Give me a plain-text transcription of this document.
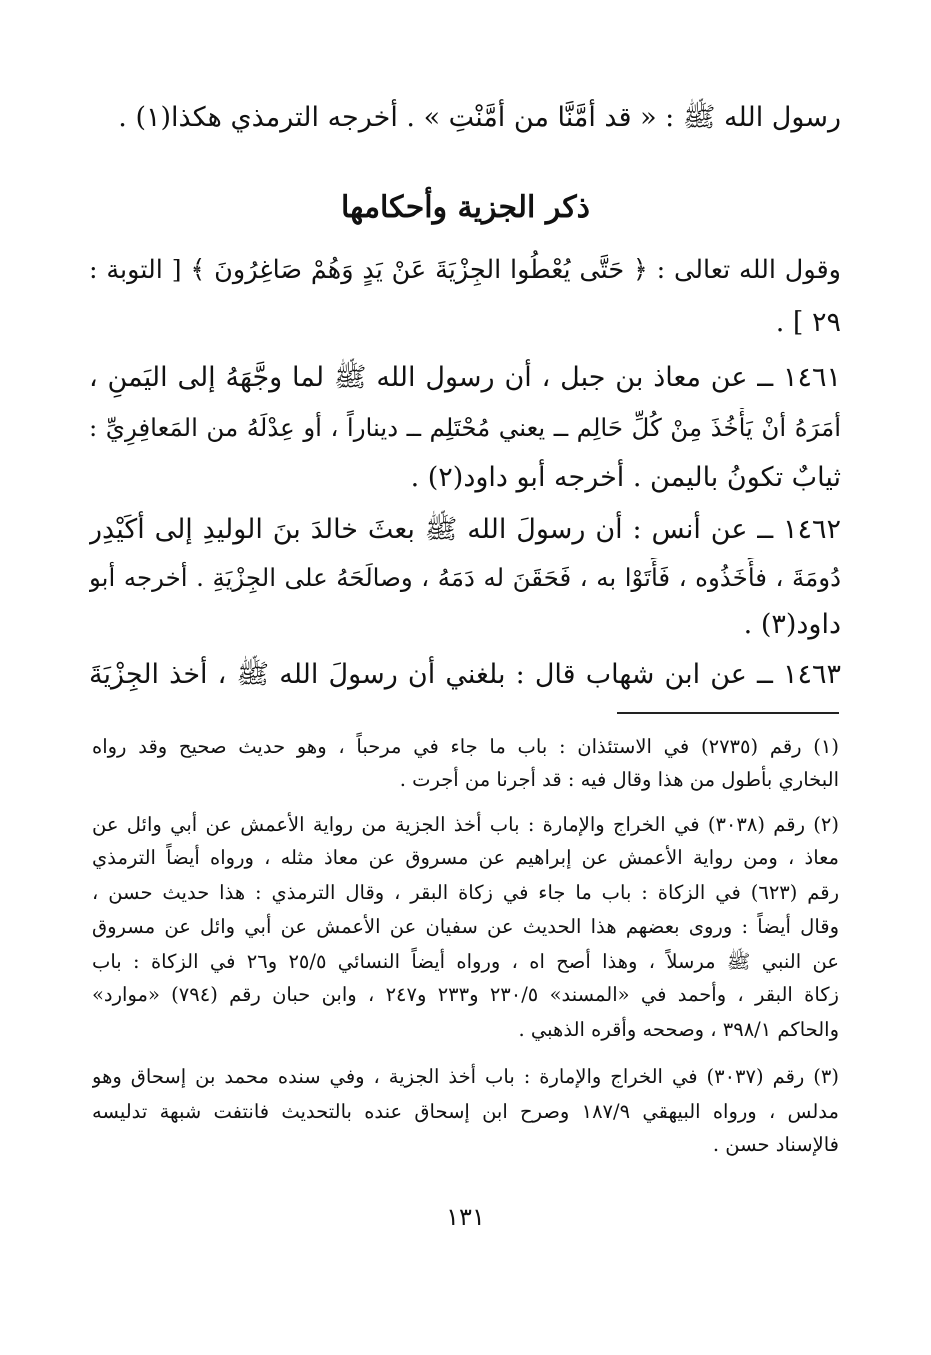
رسول الله ﷺ : « قد أَمَّنَّا من أَمَّنْتِ » . أخرجه الترمذي هكذا(١) .
ذكر الجزية وأحكامها
وقول الله تعالى : ﴿ حَتَّى يُعْطُوا الجِزْيَةَ عَنْ يَدٍ وَهُمْ صَاغِرُونَ ﴾ [ التوبة :
٢٩ ] .
١٤٦١ ــ عن معاذ بن جبل ، أن رسول الله ﷺ لما وجَّهَهُ إلى اليَمنِ ،
أمَرَهُ أنْ يَأْخُذَ مِنْ كُلِّ حَالِم ــ يعني مُحْتَلِم ــ ديناراً ، أو عِدْلَهُ من المَعافِرِيِّ :
ثيابٌ تكونُ باليمن . أخرجه أبو داود(٢) .
١٤٦٢ ــ عن أنس : أن رسولَ الله ﷺ بعثَ خالدَ بنَ الوليدِ إلى أُكَيْدِر
دُومَةَ ، فأَخَذُوه ، فَأَتَوْا به ، فَحَقَنَ له دَمَهُ ، وصالَحَهُ على الجِزْيَةِ . أخرجه أبو
داود(٣) .
١٤٦٣ ــ عن ابن شهاب قال : بلغني أن رسولَ الله ﷺ ، أخذ الجِزْيَةَ
(١) رقم (٢٧٣٥) في الاستئذان : باب ما جاء في مرحباً ، وهو حديث صحيح وقد رواه
البخاري بأطول من هذا وقال فيه : قد أجرنا من أجرت .
(٢) رقم (٣٠٣٨) في الخراج والإمارة : باب أخذ الجزية من رواية الأعمش عن أبي وائل عن
معاذ ، ومن رواية الأعمش عن إبراهيم عن مسروق عن معاذ مثله ، ورواه أيضاً الترمذي
رقم (٦٢٣) في الزكاة : باب ما جاء في زكاة البقر ، وقال الترمذي : هذا حديث حسن ،
وقال أيضاً : وروى بعضهم هذا الحديث عن سفيان عن الأعمش عن أبي وائل عن مسروق
عن النبي ﷺ مرسلاً ، وهذا أصح اه ، ورواه أيضاً النسائي ٢٥/٥ و٢٦ في الزكاة : باب
زكاة البقر ، وأحمد في «المسند» ٢٣٠/٥ و٢٣٣ و٢٤٧ ، وابن حبان رقم (٧٩٤) «موارد»
والحاكم ٣٩٨/١ ، وصححه وأقره الذهبي .
(٣) رقم (٣٠٣٧) في الخراج والإمارة : باب أخذ الجزية ، وفي سنده محمد بن إسحاق وهو
مدلس ، ورواه البيهقي ١٨٧/٩ وصرح ابن إسحاق عنده بالتحديث فانتفت شبهة تدليسه
فالإسناد حسن .
١٣١
